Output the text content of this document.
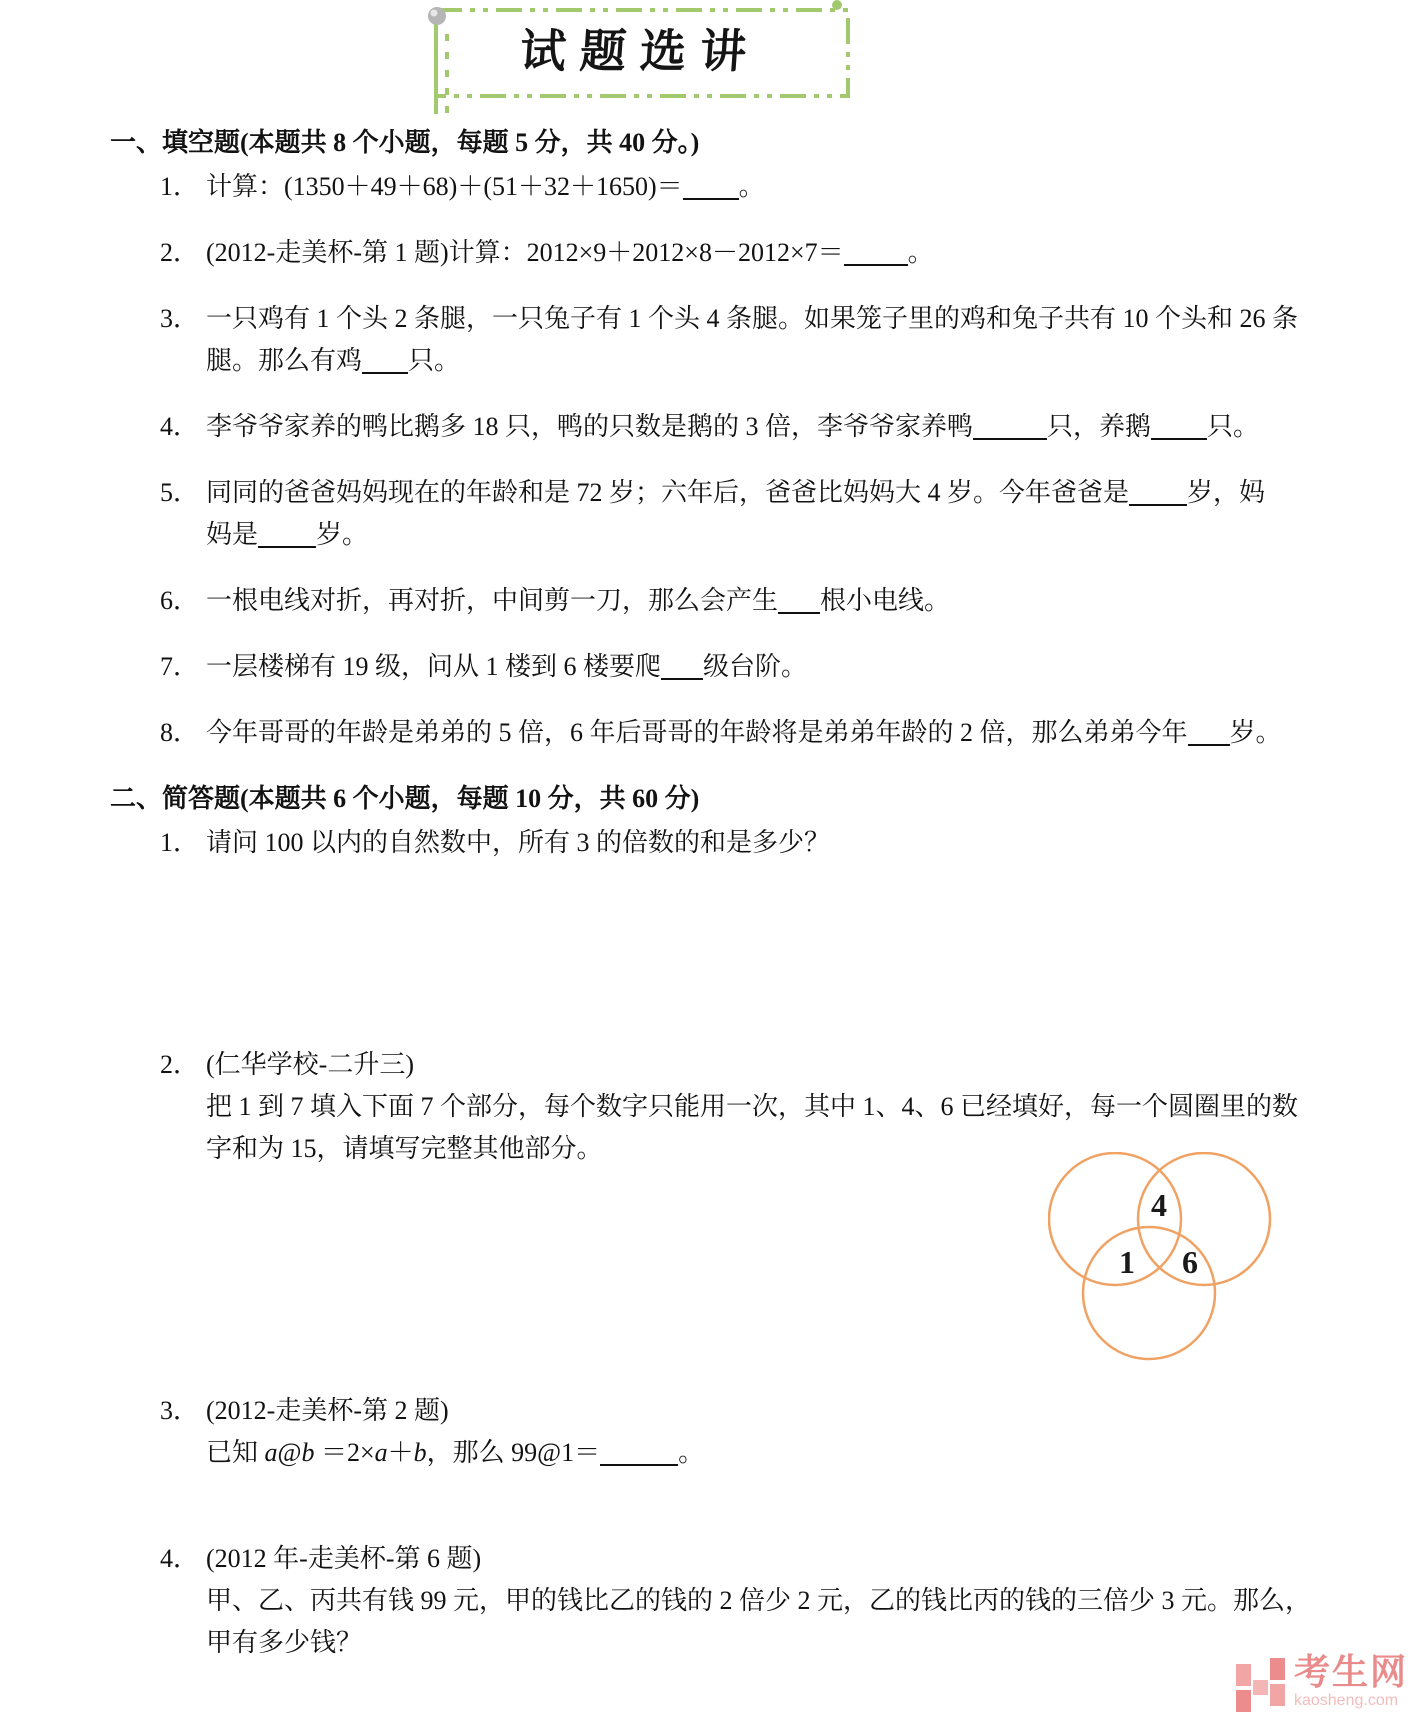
试题选讲
一、填空题(本题共 8 个小题，每题 5 分，共 40 分。)
1． 计算：(1350＋49＋68)＋(51＋32＋1650)＝ 。
2． (2012-走美杯-第 1 题)计算：2012×9＋2012×8－2012×7＝ 。
3． 一只鸡有 1 个头 2 条腿，一只兔子有 1 个头 4 条腿。如果笼子里的鸡和兔子共有 10 个头和 26 条
腿。那么有鸡 只。
4． 李爷爷家养的鸭比鹅多 18 只，鸭的只数是鹅的 3 倍，李爷爷家养鸭	只，养鹅 只。
5． 同同的爸爸妈妈现在的年龄和是 72 岁；六年后，爸爸比妈妈大 4 岁。今年爸爸是 岁，妈
妈是 岁。
6． 一根电线对折，再对折，中间剪一刀，那么会产生 根小电线。
7． 一层楼梯有 19 级，问从 1 楼到 6 楼要爬 级台阶。
8． 今年哥哥的年龄是弟弟的 5 倍，6 年后哥哥的年龄将是弟弟年龄的 2 倍，那么弟弟今年 岁。
二、简答题(本题共 6 个小题，每题 10 分，共 60 分)
1． 请问 100 以内的自然数中，所有 3 的倍数的和是多少？
2． (仁华学校-二升三)
把 1 到 7 填入下面 7 个部分，每个数字只能用一次，其中 1、4、6 已经填好，每一个圆圈里的数
字和为 15，请填写完整其他部分。
3． (2012-走美杯-第 2 题)
已知 a@b ＝2×a＋b，那么 99@1＝	。
4． (2012 年-走美杯-第 6 题)
甲、乙、丙共有钱 99 元，甲的钱比乙的钱的 2 倍少 2 元，乙的钱比丙的钱的三倍少 3 元。那么，
甲有多少钱？
4
1 6
考生网
kaosheng.com
